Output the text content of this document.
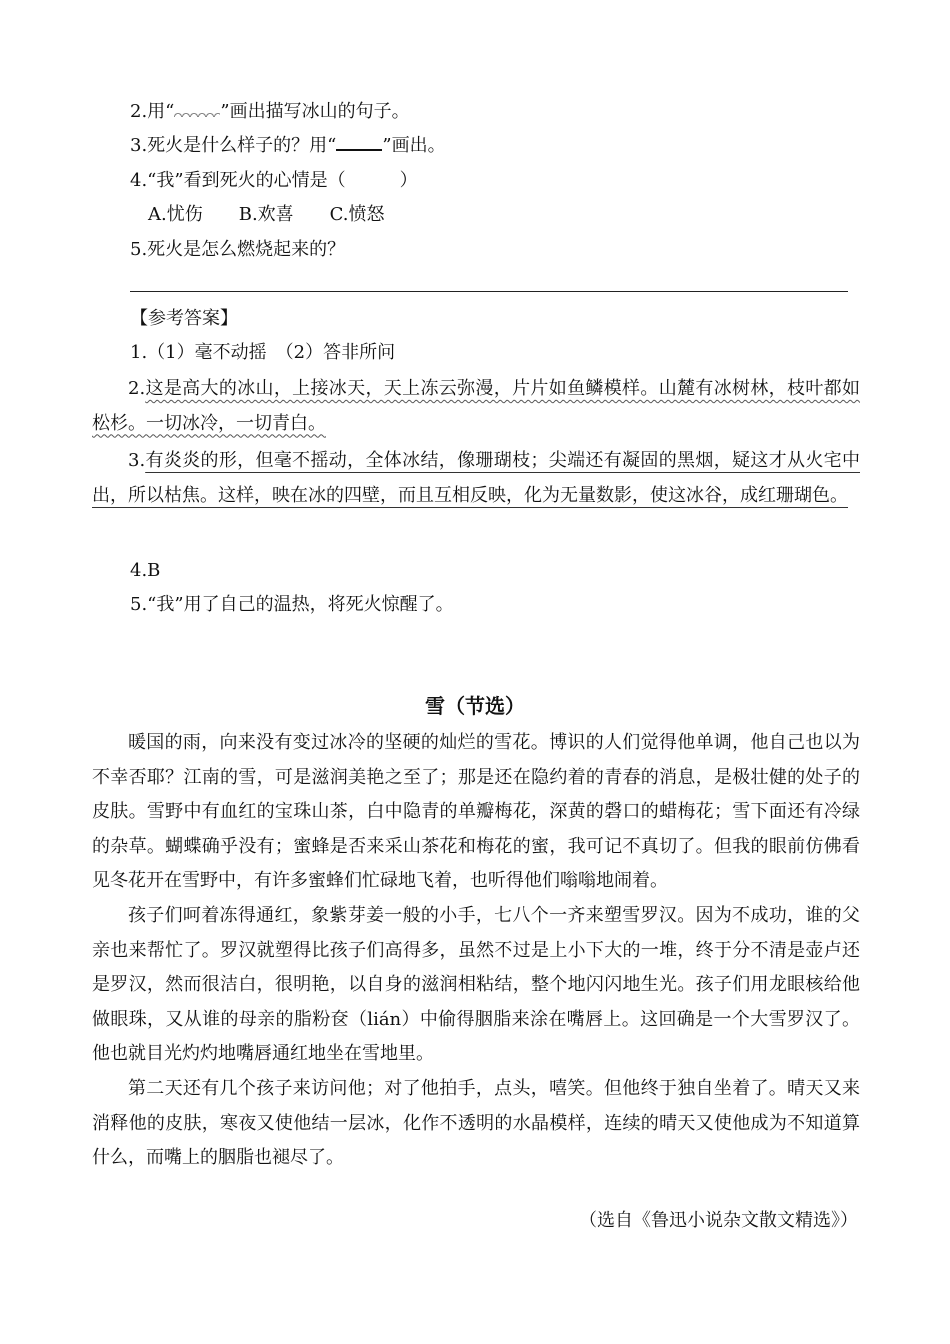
2.用“	”画出描写冰山的句子。
3.死火是什么样子的？用“	”画出。
4.“我”看到死火的心情是（　　　）
A.忧伤　　B.欢喜　　C.愤怒
5.死火是怎么燃烧起来的？
【参考答案】
1.（1）毫不动摇　（2）答非所问
2.这是高大的冰山，上接冰天，天上冻云弥漫，片片如鱼鳞模样。山麓有冰树林，枝叶都如松杉。一切冰冷，一切青白。
3.有炎炎的形，但毫不摇动，全体冰结，像珊瑚枝；尖端还有凝固的黑烟，疑这才从火宅中出，所以枯焦。这样，映在冰的四壁，而且互相反映，化为无量数影，使这冰谷，成红珊瑚色。
4.B
5.“我”用了自己的温热，将死火惊醒了。
雪（节选）
暖国的雨，向来没有变过冰冷的坚硬的灿烂的雪花。博识的人们觉得他单调，他自己也以为不幸否耶？江南的雪，可是滋润美艳之至了；那是还在隐约着的青春的消息，是极壮健的处子的皮肤。雪野中有血红的宝珠山茶，白中隐青的单瓣梅花，深黄的磬口的蜡梅花；雪下面还有冷绿的杂草。蝴蝶确乎没有；蜜蜂是否来采山茶花和梅花的蜜，我可记不真切了。但我的眼前仿佛看见冬花开在雪野中，有许多蜜蜂们忙碌地飞着，也听得他们嗡嗡地闹着。
孩子们呵着冻得通红，象紫芽姜一般的小手，七八个一齐来塑雪罗汉。因为不成功，谁的父亲也来帮忙了。罗汉就塑得比孩子们高得多，虽然不过是上小下大的一堆，终于分不清是壶卢还是罗汉，然而很洁白，很明艳，以自身的滋润相粘结，整个地闪闪地生光。孩子们用龙眼核给他做眼珠，又从谁的母亲的脂粉奁（lián）中偷得胭脂来涂在嘴唇上。这回确是一个大雪罗汉了。他也就目光灼灼地嘴唇通红地坐在雪地里。
第二天还有几个孩子来访问他；对了他拍手，点头，嘻笑。但他终于独自坐着了。晴天又来消释他的皮肤，寒夜又使他结一层冰，化作不透明的水晶模样，连续的晴天又使他成为不知道算什么，而嘴上的胭脂也褪尽了。
（选自《鲁迅小说杂文散文精选》）
